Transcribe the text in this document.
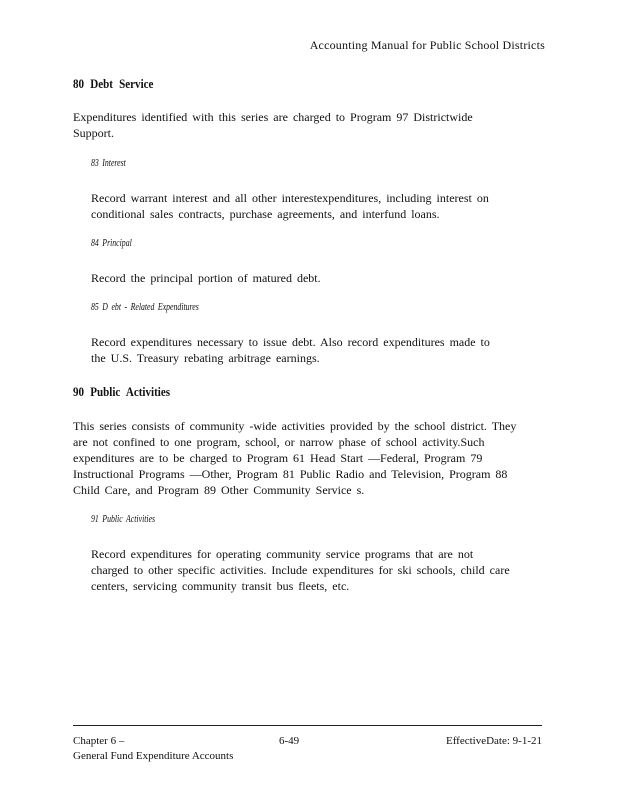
Accounting Manual for Public School Districts
80 Debt Service
Expenditures identified with this series are charged to Program 97 Districtwide
Support.
83 Interest
Record warrant interest and all other interestexpenditures, including interest on
conditional sales contracts, purchase agreements, and interfund loans.
84 Principal
Record the principal portion of matured debt.
85 D ebt - Related Expenditures
Record expenditures necessary to issue debt. Also record expenditures made to
the U.S. Treasury rebating arbitrage earnings.
90 Public Activities
This series consists of community -wide activities provided by the school district. They
are not confined to one program, school, or narrow phase of school activity.Such
expenditures are to be charged to Program 61 Head Start —Federal, Program 79
Instructional Programs —Other, Program 81 Public Radio and Television, Program 88
Child Care, and Program 89 Other Community Service s.
91 Public Activities
Record expenditures for operating community service programs that are not
charged to other specific activities. Include expenditures for ski schools, child care
centers, servicing community transit bus fleets, etc.
Chapter 6 –
General Fund Expenditure Accounts
6-49	EffectiveDate: 9-1-21
